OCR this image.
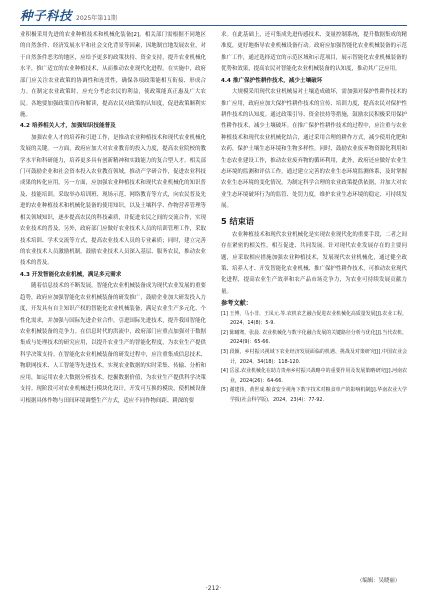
种子科技 2025年第11期

业积极采用先进的农业种植技术和机械化装备[2]。相关部门需根据不同地区的自然条件、经济发展水平和社会文化背景等因素，因地制宜地发展农业，对于自然条件恶劣的地区，应给予更多的政策扶持、资金支持，提升农业机械化水平，推广适宜的农业种植技术，从而推动农业现代化进程。在实施中，政府部门应关注农业政策的协调性和连贯性，确保各项政策能相互衔接、形成合力。在制定农业政策时，应充分考虑农民的利益，使政策能真正惠及广大农民。各地要加强政策宣传和解读，提高农民对政策的认知度，促进政策顺利实施。

4.2 培养相关人才，加强知识技能普及

加强农业人才的培养和引进工作，是推动农业种植技术和现代农业机械化发展的关键。一方面，政府应加大对农业教育的投入力度，提高农业院校的教学水平和科研能力，培养更多具有创新精神和实践能力的复合型人才。相关部门可鼓励企业和社会资本投入农业教育领域，推动产学研合作，促进农业科技成果的转化应用。另一方面，应加强农业种植技术和现代农业机械化的知识普及、技能培训。采取举办培训班、现场示范、网络教育等方式，向农民普及先进的农业种植技术和机械化装备的使用知识，以及土壤科学、作物营养管理等相关领域知识，逐步提高农民的科技素质，并促进农民之间的交流合作，实现农业技术的普及。另外，政府部门应做好农业技术人员的培训管理工作，采取技术培训、学术交流等方式，提高农业技术人员的专业素质；同时，建立完善的农业技术人员激励机制，鼓励农业技术人员深入基层、服务农民，推动农业技术的普及。

4.3 开发智能化农业机械，满足多元需求

随着信息技术的不断发展，智能化农业机械装备成为现代农业发展的重要趋势，政府应加强智能化农业机械装备的研发推广，鼓励企业加大研发投入力度，开发具有自主知识产权的智能化农业机械装备，满足农业生产多元化、个性化需求，并加强与国际先进企业合作，引进国际先进技术，提升我国智能化农业机械装备的竞争力。在信息时代的洪流中，政府部门应重点加强对于数据集成与处理技术的研究应用，以提升农业生产的智能化程度，为农业生产提供科学决策支持。在智能化农业机械装备的研发过程中，应注重集成信息技术、物联网技术、人工智能等先进技术，实现农业数据的实时采集、传输、分析和应用，如运用农业大数据分析技术，挖掘数据价值，为农业生产提供科学决策支持。现阶段可对农业机械进行模块化设计，开发可互换的模块，使机械设备可根据具体作物与田间环境调整生产方式，适应不同作物间距、耕深的要

求。在此基础上，还可集成先进传感技术、变量控制系统，提升数据集成的精准度，更好地指导农业机械设备行动。政府应加强智能化农业机械装备的示范推广工作，通过选择适宜的示范区域和示范项目，展示智能化农业机械装备的优势和效果，提高农民对智能化农业机械装备的认知度，推动其广泛应用。

4.4 推广保护性耕作技术，减少土壤破坏

大规模采用现代农业机械易对土壤造成破坏，需加强对保护性耕作技术的推广应用，政府应加大保护性耕作技术的宣传、培训力度，提高农民对保护性耕作技术的认知度。通过政策引导、资金扶持等措施，鼓励农民积极采用保护性耕作技术，减少土壤破坏。在推广保护性耕作技术的过程中，应注重与农业种植技术和现代农业机械化结合，通过采用合理的耕作方式，减少使用化肥和农药，保护土壤生态环境和生物多样性。同时，鼓励农业废弃物资源化利用和生态农业建设工作，推动农业废弃物的循环利用，此外，政府还应做好农业生态环境的监测和评估工作，通过建立完善的农业生态环境监测体系，及时掌握农业生态环境的变化情况，为制定科学合理的农业政策提供依据，并加大对农业生态环境破坏行为的监管、处罚力度，维护农业生态环境的稳定、可持续发展。

5 结束语

农业种植技术和现代农业机械化是实现农业现代化的重要手段，二者之间存在紧密的相关性，相互促进、共同发展。针对现代农业发展存在的主要问题，应采取相应措施加强农业种植技术，发展现代农业机械化，通过健全政策、培养人才、开发智能化农业机械、推广保护性耕作技术，可推动农业现代化进程，提高农业生产效率和农产品市场竞争力，为农业可持续发展贡献力量。

参考文献：
[1] 王博，马小非，王凤元.等.农机农艺融合促进农业机械化高质量发展[J].农业工程，2024，14(8)：5-9.
[2] 陈曦骞，张晨. 农业机械化与数字化融合发展的关键路径分析与优化[J].当代农机，2024(9)：65-66.
[3] 段颖，乡村振兴视域下农业经济发展面临的机遇、挑战及对策研究[J].中国农业会计，2024，34(18)：118-120.
[4] 岳泓.农业机械化在助力贵州乡村振兴战略中的重要作用及发展策略研究[J].河南农业，2024(26)：64-66.
[5] 谢建伟，黄世成.粮食安全视角下数字技术对粮食单产的影响机制[J].华南农业大学学报(社会科学版)，2024，23(4)：77-92.
（编辑：吴晓丽）
·212·
